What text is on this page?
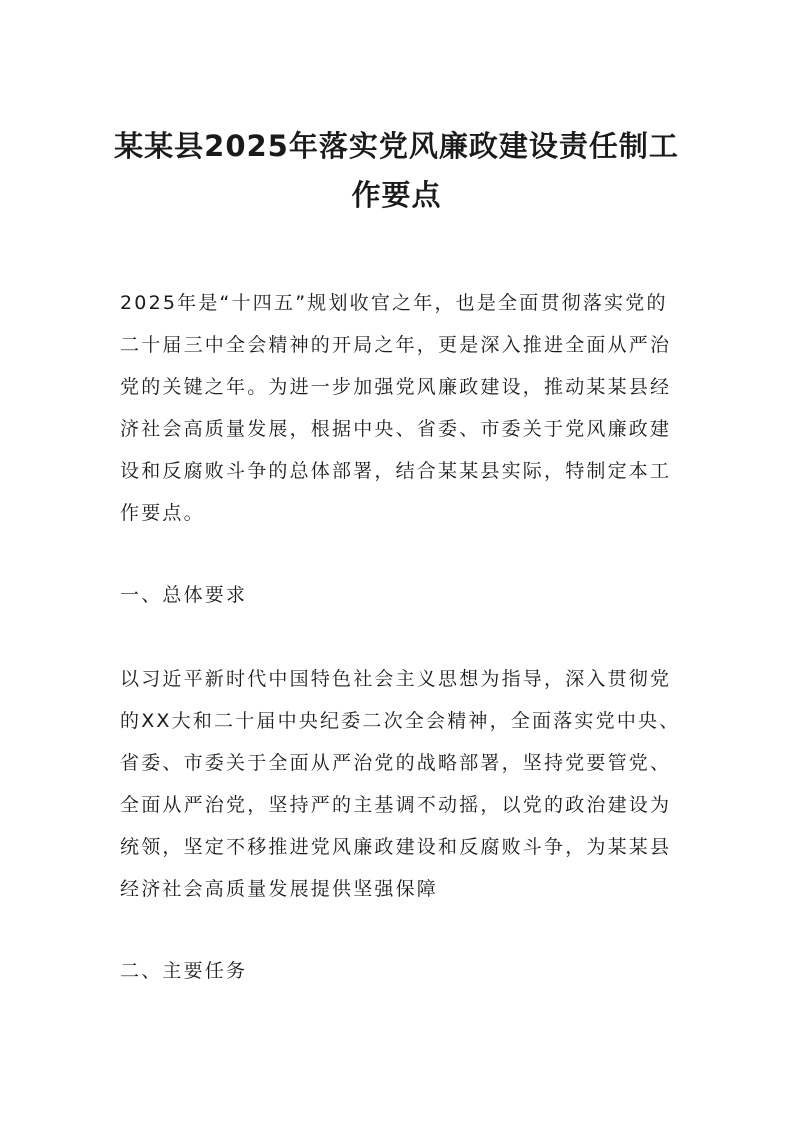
某某县2025年落实党风廉政建设责任制工
作要点

2025年是“十四五”规划收官之年，也是全面贯彻落实党的
二十届三中全会精神的开局之年，更是深入推进全面从严治
党的关键之年。为进一步加强党风廉政建设，推动某某县经
济社会高质量发展，根据中央、省委、市委关于党风廉政建
设和反腐败斗争的总体部署，结合某某县实际，特制定本工
作要点。

一、总体要求

以习近平新时代中国特色社会主义思想为指导，深入贯彻党
的XX大和二十届中央纪委二次全会精神，全面落实党中央、
省委、市委关于全面从严治党的战略部署，坚持党要管党、
全面从严治党，坚持严的主基调不动摇，以党的政治建设为
统领，坚定不移推进党风廉政建设和反腐败斗争，为某某县
经济社会高质量发展提供坚强保障

二、主要任务
